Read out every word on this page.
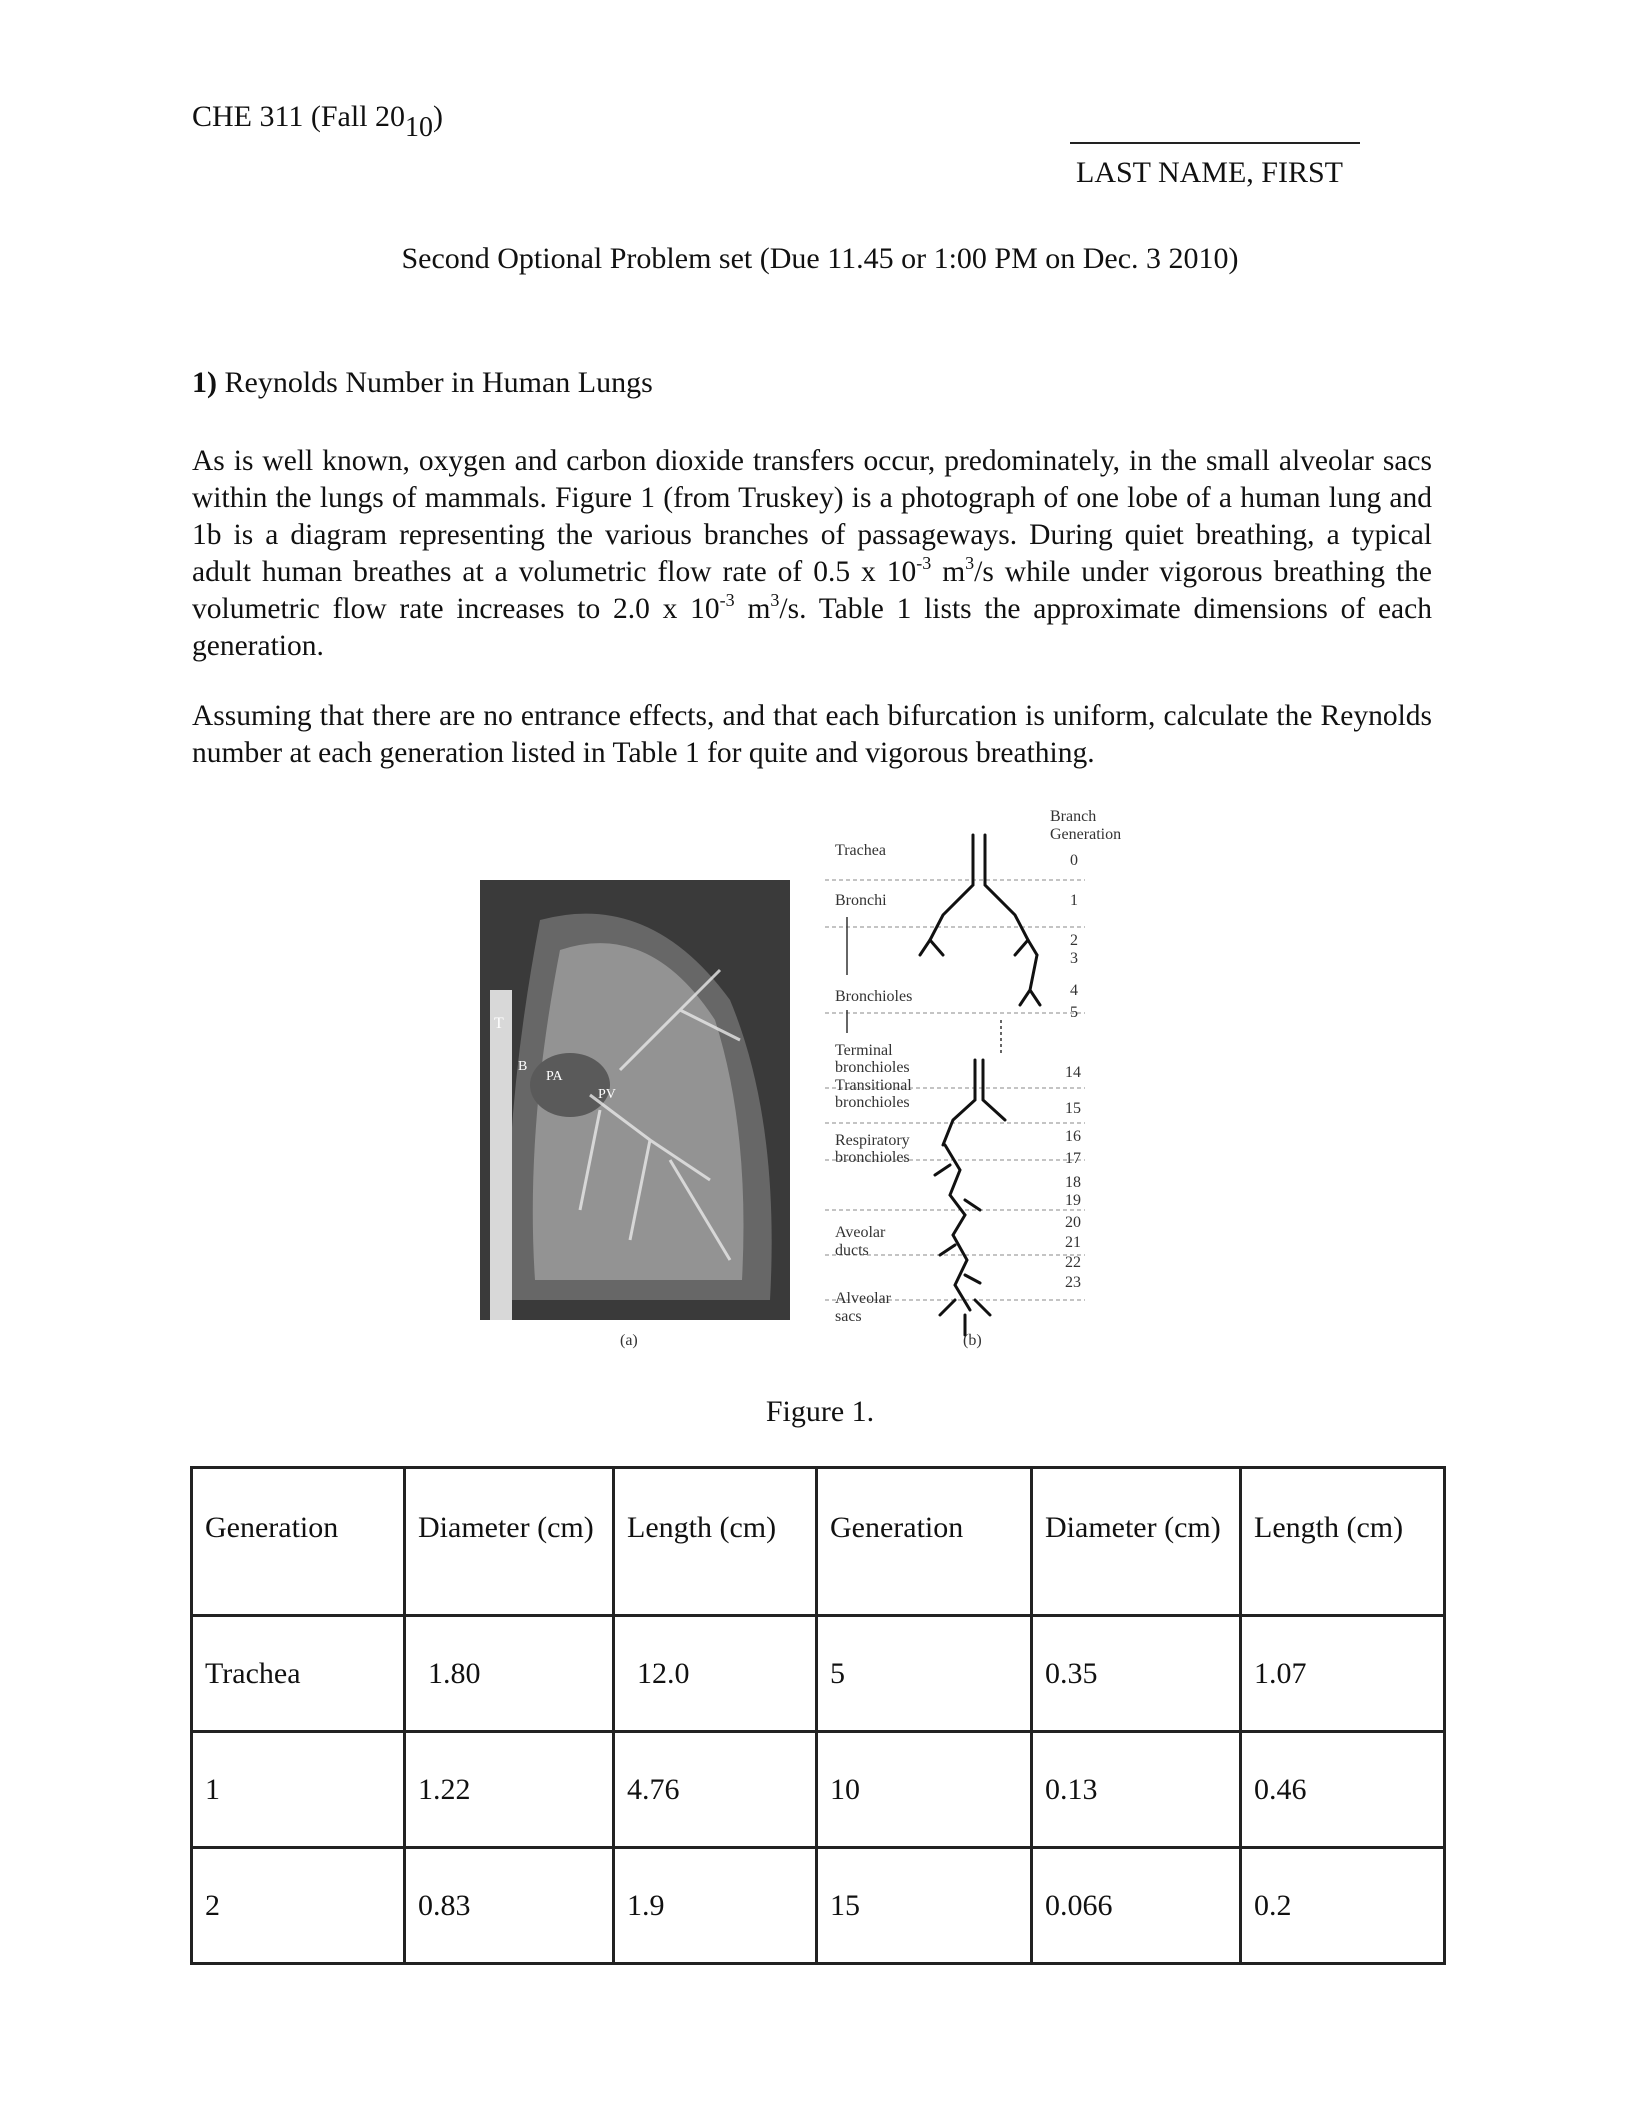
CHE 311 (Fall $20_{10}$)
LAST NAME, FIRST
Second Optional Problem set (Due 11.45 or 1:00 PM on Dec. 3 2010)
1) Reynolds Number in Human Lungs
As is well known, oxygen and carbon dioxide transfers occur, predominately, in the small alveolar sacs within the lungs of mammals. Figure 1 (from Truskey) is a photograph of one lobe of a human lung and 1b is a diagram representing the various branches of passageways. During quiet breathing, a typical adult human breathes at a volumetric flow rate of 0.5 x $10^{-3}$ $m^3/s$ while under vigorous breathing the volumetric flow rate increases to 2.0 x $10^{-3}$ $m^3/s$. Table 1 lists the approximate dimensions of each generation.
Assuming that there are no entrance effects, and that each bifurcation is uniform, calculate the Reynolds number at each generation listed in Table 1 for quite and vigorous breathing.
T
B
PA
PV
(a)
Branch
Generation
Trachea
Bronchi
Bronchioles
Terminal
bronchioles
Transitional
bronchioles
Respiratory
bronchioles
Aveolar
ducts
Alveolar
sacs
0
1
2
3
4
5
14
15
16
17
18
19
20
21
22
23
(b)
Figure 1.
Generation	Diameter (cm)	Length (cm)	Generation	Diameter (cm)	Length (cm)
Trachea	1.80	12.0	5	0.35	1.07
1	1.22	4.76	10	0.13	0.46
2	0.83	1.9	15	0.066	0.2
